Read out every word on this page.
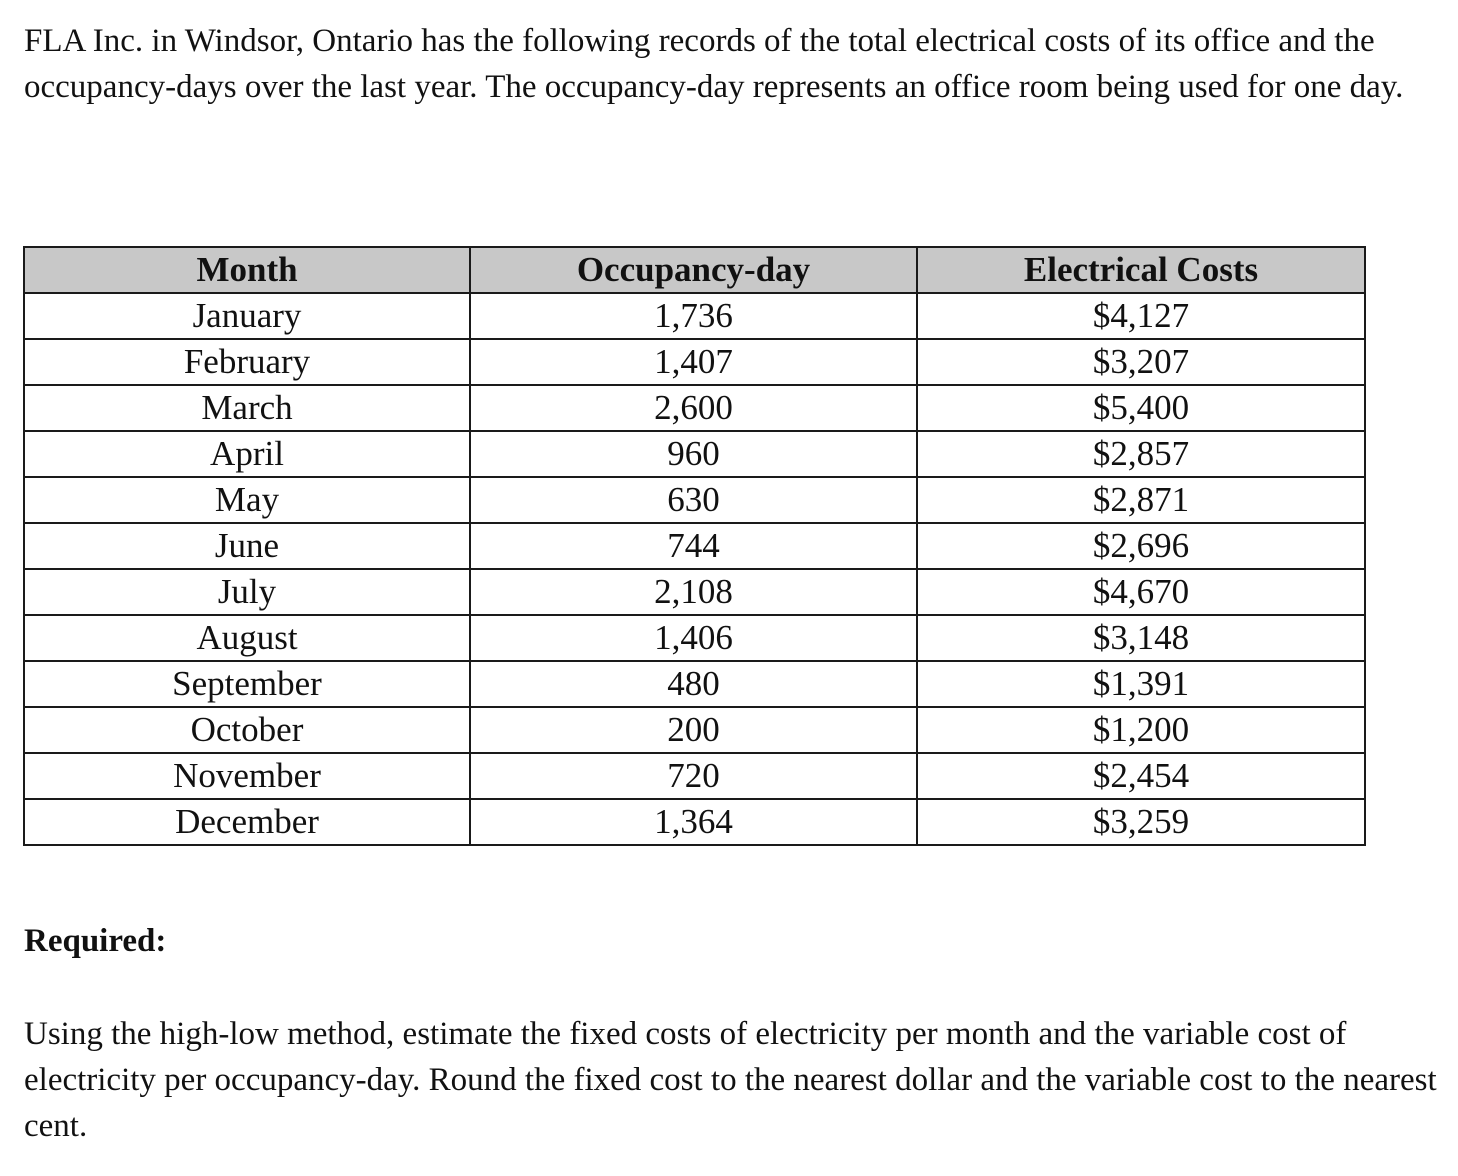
FLA Inc. in Windsor, Ontario has the following records of the total electrical costs of its office and the occupancy-days over the last year. The occupancy-day represents an office room being used for one day.

Month	Occupancy-day	Electrical Costs
January	1,736	$4,127
February	1,407	$3,207
March	2,600	$5,400
April	960	$2,857
May	630	$2,871
June	744	$2,696
July	2,108	$4,670
August	1,406	$3,148
September	480	$1,391
October	200	$1,200
November	720	$2,454
December	1,364	$3,259

Required:

Using the high-low method, estimate the fixed costs of electricity per month and the variable cost of electricity per occupancy-day. Round the fixed cost to the nearest dollar and the variable cost to the nearest cent.
